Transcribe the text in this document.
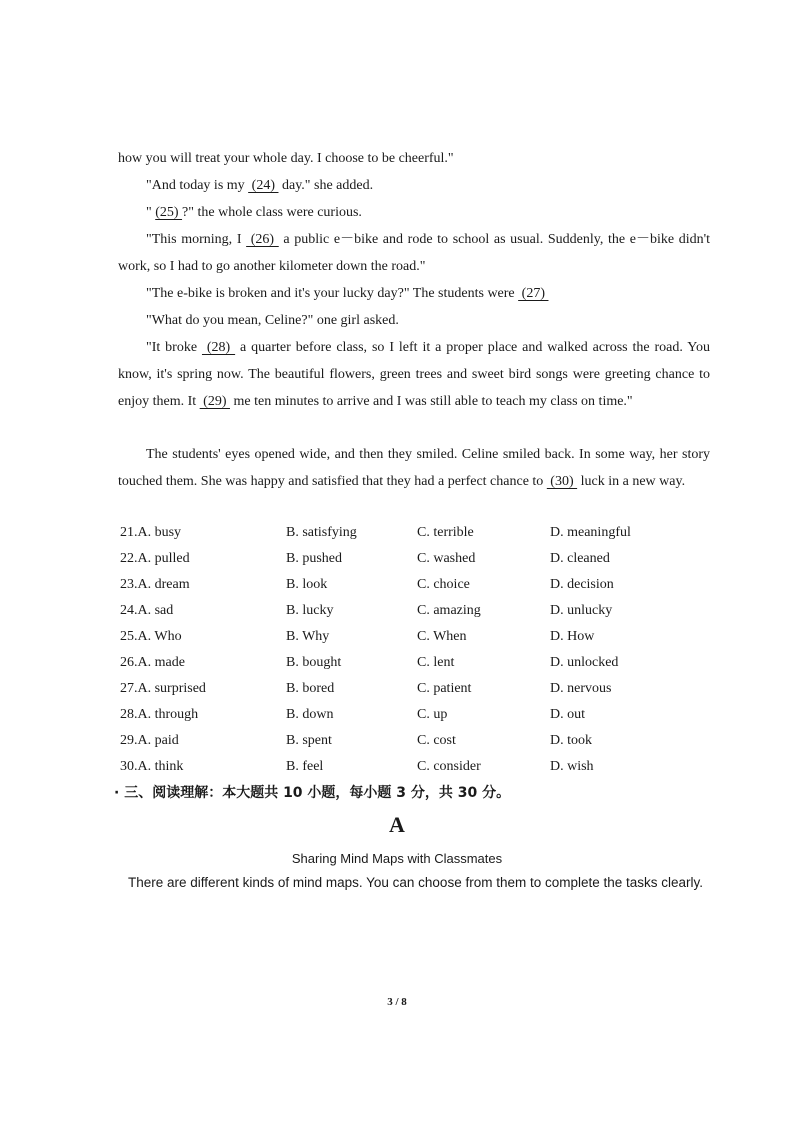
how you will treat your whole day. I choose to be cheerful."

"And today is my  (24)  day." she added.

" (25) ?" the whole class were curious.

"This morning, I  (26)  a public e－bike and rode to school as usual. Suddenly, the e－bike didn't work, so I had to go another kilometer down the road."

"The e-bike is broken and it's your lucky day?" The students were  (27)

"What do you mean, Celine?" one girl asked.

"It broke  (28)  a quarter before class, so I left it a proper place and walked across the road. You know, it's spring now. The beautiful flowers, green trees and sweet bird songs were greeting chance to enjoy them. It  (29)  me ten minutes to arrive and I was still able to teach my class on time."

The students' eyes opened wide, and then they smiled. Celine smiled back. In some way, her story touched them. She was happy and satisfied that they had a perfect chance to  (30)  luck in a new way.

21.A. busy	B. satisfying	C. terrible	D. meaningful
22.A. pulled	B. pushed	C. washed	D. cleaned
23.A. dream	B. look	C. choice	D. decision
24.A. sad	B. lucky	C. amazing	D. unlucky
25.A. Who	B. Why	C. When	D. How
26.A. made	B. bought	C. lent	D. unlocked
27.A. surprised	B. bored	C. patient	D. nervous
28.A. through	B. down	C. up	D. out
29.A. paid	B. spent	C. cost	D. took
30.A. think	B. feel	C. consider	D. wish
· 三、阅读理解：本大题共 10 小题，每小题 3 分，共 30 分。
A
Sharing Mind Maps with Classmates
There are different kinds of mind maps. You can choose from them to complete the tasks clearly.
3 / 8
